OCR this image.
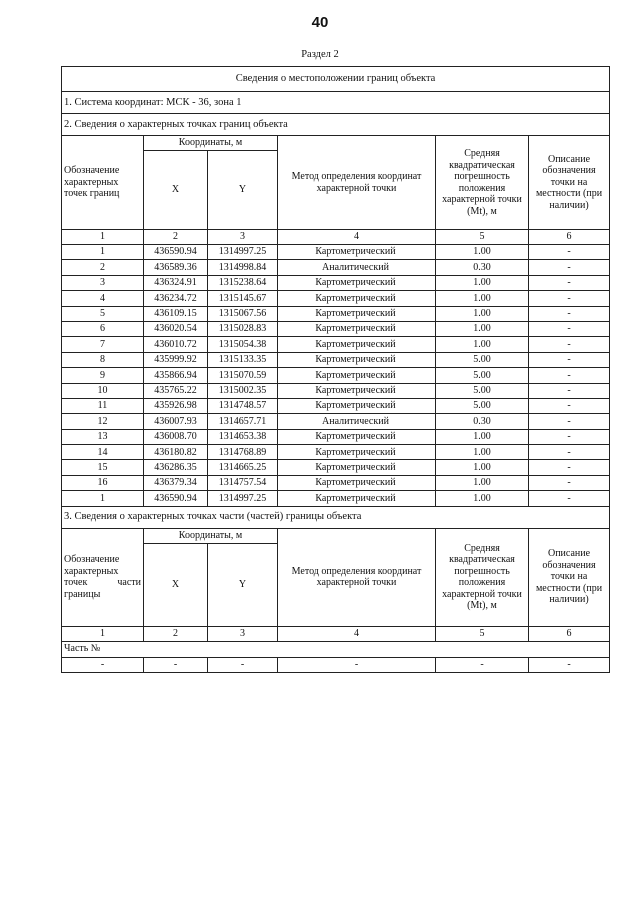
40
Раздел 2
Сведения о местоположении границ объекта					
1. Система координат: МСК - 36, зона 1					
2. Сведения о характерных точках границ объекта					
Обозначение характерных точек границ	Координаты, м		Метод определения координат характерной точки	Средняя квадратическая погрешность положения характерной точки (Mt), м	Описание обозначения точки на местности (при наличии)
	X	Y			
1	2	3	4	5	6
1	436590.94	1314997.25	Картометрический	1.00	-
2	436589.36	1314998.84	Аналитический	0.30	-
3	436324.91	1315238.64	Картометрический	1.00	-
4	436234.72	1315145.67	Картометрический	1.00	-
5	436109.15	1315067.56	Картометрический	1.00	-
6	436020.54	1315028.83	Картометрический	1.00	-
7	436010.72	1315054.38	Картометрический	1.00	-
8	435999.92	1315133.35	Картометрический	5.00	-
9	435866.94	1315070.59	Картометрический	5.00	-
10	435765.22	1315002.35	Картометрический	5.00	-
11	435926.98	1314748.57	Картометрический	5.00	-
12	436007.93	1314657.71	Аналитический	0.30	-
13	436008.70	1314653.38	Картометрический	1.00	-
14	436180.82	1314768.89	Картометрический	1.00	-
15	436286.35	1314665.25	Картометрический	1.00	-
16	436379.34	1314757.54	Картометрический	1.00	-
1	436590.94	1314997.25	Картометрический	1.00	-
3. Сведения о характерных точках части (частей) границы объекта					
Обозначение характерных точек части границы	Координаты, м		Метод определения координат характерной точки	Средняя квадратическая погрешность положения характерной точки (Mt), м	Описание обозначения точки на местности (при наличии)
	X	Y			
1	2	3	4	5	6
Часть №					
-	-	-	-	-	-
